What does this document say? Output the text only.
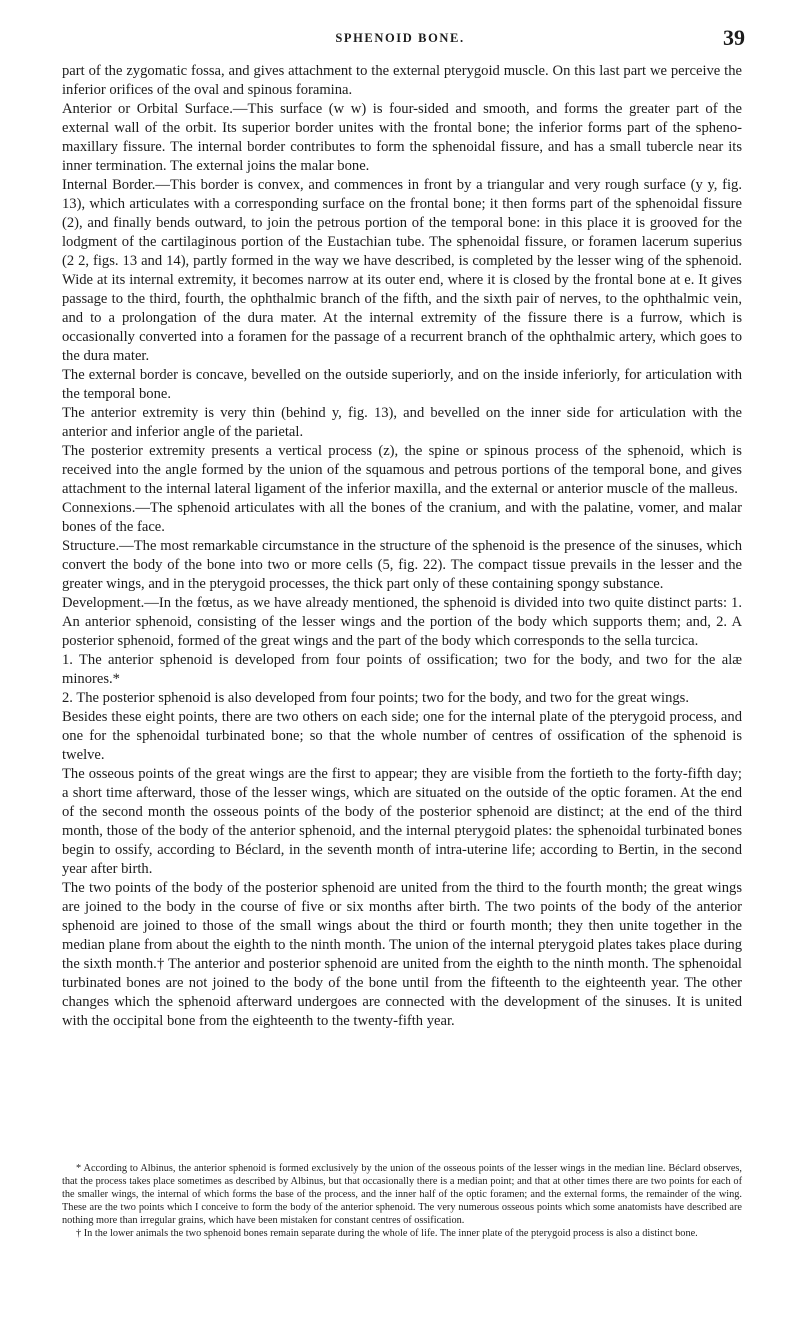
SPHENOID BONE.	39

part of the zygomatic fossa, and gives attachment to the external pterygoid muscle. On this last part we perceive the inferior orifices of the oval and spinous foramina.

Anterior or Orbital Surface.—This surface (w w) is four-sided and smooth, and forms the greater part of the external wall of the orbit. Its superior border unites with the frontal bone; the inferior forms part of the spheno-maxillary fissure. The internal border contributes to form the sphenoidal fissure, and has a small tubercle near its inner termination. The external joins the malar bone.

Internal Border.—This border is convex, and commences in front by a triangular and very rough surface (y y, fig. 13), which articulates with a corresponding surface on the frontal bone; it then forms part of the sphenoidal fissure (2), and finally bends outward, to join the petrous portion of the temporal bone: in this place it is grooved for the lodgment of the cartilaginous portion of the Eustachian tube. The sphenoidal fissure, or foramen lacerum superius (2 2, figs. 13 and 14), partly formed in the way we have described, is completed by the lesser wing of the sphenoid. Wide at its internal extremity, it becomes narrow at its outer end, where it is closed by the frontal bone at e. It gives passage to the third, fourth, the ophthalmic branch of the fifth, and the sixth pair of nerves, to the ophthalmic vein, and to a prolongation of the dura mater. At the internal extremity of the fissure there is a furrow, which is occasionally converted into a foramen for the passage of a recurrent branch of the ophthalmic artery, which goes to the dura mater.

The external border is concave, bevelled on the outside superiorly, and on the inside inferiorly, for articulation with the temporal bone.

The anterior extremity is very thin (behind y, fig. 13), and bevelled on the inner side for articulation with the anterior and inferior angle of the parietal.

The posterior extremity presents a vertical process (z), the spine or spinous process of the sphenoid, which is received into the angle formed by the union of the squamous and petrous portions of the temporal bone, and gives attachment to the internal lateral ligament of the inferior maxilla, and the external or anterior muscle of the malleus.

Connexions.—The sphenoid articulates with all the bones of the cranium, and with the palatine, vomer, and malar bones of the face.

Structure.—The most remarkable circumstance in the structure of the sphenoid is the presence of the sinuses, which convert the body of the bone into two or more cells (5, fig. 22). The compact tissue prevails in the lesser and the greater wings, and in the pterygoid processes, the thick part only of these containing spongy substance.

Development.—In the fœtus, as we have already mentioned, the sphenoid is divided into two quite distinct parts: 1. An anterior sphenoid, consisting of the lesser wings and the portion of the body which supports them; and, 2. A posterior sphenoid, formed of the great wings and the part of the body which corresponds to the sella turcica.

1. The anterior sphenoid is developed from four points of ossification; two for the body, and two for the alæ minores.*

2. The posterior sphenoid is also developed from four points; two for the body, and two for the great wings.

Besides these eight points, there are two others on each side; one for the internal plate of the pterygoid process, and one for the sphenoidal turbinated bone; so that the whole number of centres of ossification of the sphenoid is twelve.

The osseous points of the great wings are the first to appear; they are visible from the fortieth to the forty-fifth day; a short time afterward, those of the lesser wings, which are situated on the outside of the optic foramen. At the end of the second month the osseous points of the body of the posterior sphenoid are distinct; at the end of the third month, those of the body of the anterior sphenoid, and the internal pterygoid plates: the sphenoidal turbinated bones begin to ossify, according to Béclard, in the seventh month of intra-uterine life; according to Bertin, in the second year after birth.

The two points of the body of the posterior sphenoid are united from the third to the fourth month; the great wings are joined to the body in the course of five or six months after birth. The two points of the body of the anterior sphenoid are joined to those of the small wings about the third or fourth month; they then unite together in the median plane from about the eighth to the ninth month. The union of the internal pterygoid plates takes place during the sixth month.† The anterior and posterior sphenoid are united from the eighth to the ninth month. The sphenoidal turbinated bones are not joined to the body of the bone until from the fifteenth to the eighteenth year. The other changes which the sphenoid afterward undergoes are connected with the development of the sinuses. It is united with the occipital bone from the eighteenth to the twenty-fifth year.

* According to Albinus, the anterior sphenoid is formed exclusively by the union of the osseous points of the lesser wings in the median line. Béclard observes, that the process takes place sometimes as described by Albinus, but that occasionally there is a median point; and that at other times there are two points for each of the smaller wings, the internal of which forms the base of the process, and the inner half of the optic foramen; and the external forms, the remainder of the wing. These are the two points which I conceive to form the body of the anterior sphenoid. The very numerous osseous points which some anatomists have described are nothing more than irregular grains, which have been mistaken for constant centres of ossification.

† In the lower animals the two sphenoid bones remain separate during the whole of life. The inner plate of the pterygoid process is also a distinct bone.
